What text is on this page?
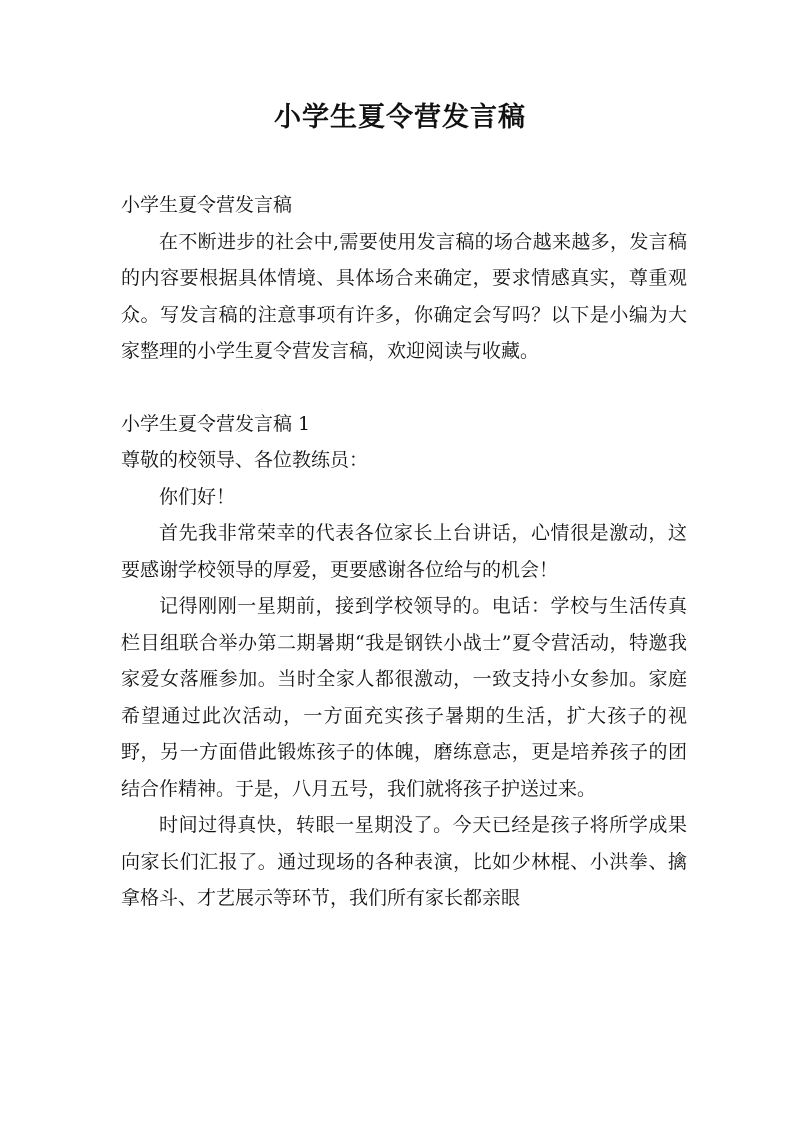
小学生夏令营发言稿

小学生夏令营发言稿

在不断进步的社会中,需要使用发言稿的场合越来越多，发言稿的内容要根据具体情境、具体场合来确定，要求情感真实，尊重观众。写发言稿的注意事项有许多，你确定会写吗？以下是小编为大家整理的小学生夏令营发言稿，欢迎阅读与收藏。

小学生夏令营发言稿 1

尊敬的校领导、各位教练员：

你们好！

首先我非常荣幸的代表各位家长上台讲话，心情很是激动，这要感谢学校领导的厚爱，更要感谢各位给与的机会！

记得刚刚一星期前，接到学校领导的。电话：学校与生活传真栏目组联合举办第二期暑期“我是钢铁小战士”夏令营活动，特邀我家爱女落雁参加。当时全家人都很激动，一致支持小女参加。家庭希望通过此次活动，一方面充实孩子暑期的生活，扩大孩子的视野，另一方面借此锻炼孩子的体魄，磨练意志，更是培养孩子的团结合作精神。于是，八月五号，我们就将孩子护送过来。

时间过得真快，转眼一星期没了。今天已经是孩子将所学成果向家长们汇报了。通过现场的各种表演，比如少林棍、小洪拳、擒拿格斗、才艺展示等环节，我们所有家长都亲眼
